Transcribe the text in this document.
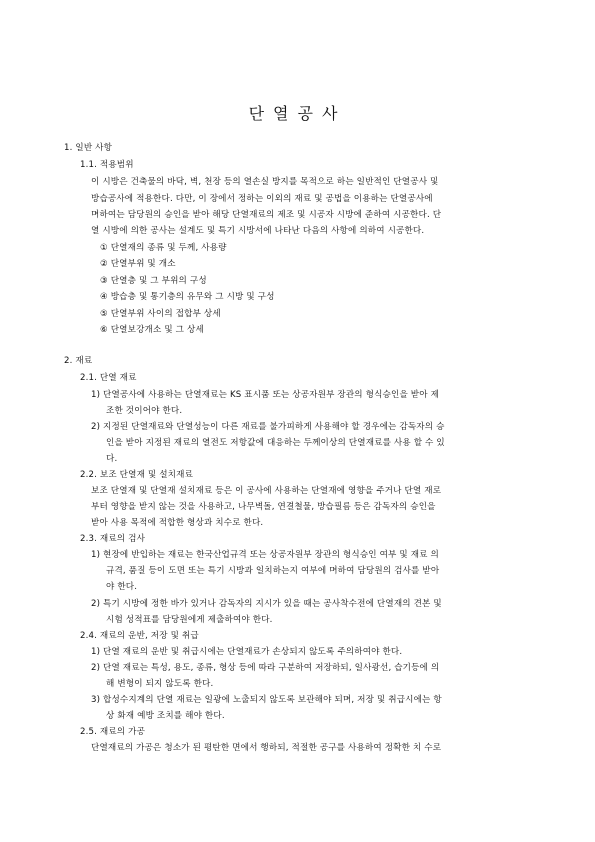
단열공사
1. 일반 사항
1.1. 적용범위
이 시방은 건축물의 바닥, 벽, 천장 등의 열손실 방지를 목적으로 하는 일반적인 단열공사 및
방습공사에 적용한다. 다만, 이 장에서 정하는 이외의 재료 및 공법을 이용하는 단열공사에
며하여는 담당원의 승인을 받아 해당 단열재료의 제조 및 시공자 시방에 준하여 시공한다. 단
열 시방에 의한 공사는 설계도 및 특기 시방서에 나타난 다음의 사항에 의하여 시공한다.
① 단열재의 종류 및 두께, 사용량
② 단열부위 및 개소
③ 단열층 및 그 부위의 구성
④ 방습층 및 통기층의 유무와 그 시방 및 구성
⑤ 단열부위 사이의 접합부 상세
⑥ 단열보강개소 및 그 상세
2. 재료
2.1. 단열 재료
1) 단열공사에 사용하는 단열재료는 KS 표시품 또는 상공자원부 장관의 형식승인을 받아 제
조한 것이어야 한다.
2) 지정된 단열재료와 단열성능이 다른 재료를 불가피하게 사용해야 할 경우에는 감독자의 승
인을 받아 지정된 재료의 열전도 저항값에 대응하는 두께이상의 단열재료를 사용 할 수 있
다.
2.2. 보조 단열재 및 설치재료
보조 단열재 및 단열재 설치재료 등은 이 공사에 사용하는 단열재에 영향을 주거나 단열 재로
부터 영향을 받지 않는 것을 사용하고, 나무벽돌, 연결철물, 방습필름 등은 감독자의 승인을
받아 사용 목적에 적합한 형상과 치수로 한다.
2.3. 재료의 검사
1) 현장에 반입하는 재료는 한국산업규격 또는 상공자원부 장관의 형식승인 여부 및 재료 의
규격, 품질 등이 도면 또는 특기 시방과 일치하는지 여부에 며하여 담당원의 검사를 받아
야 한다.
2) 특기 시방에 정한 바가 있거나 감독자의 지시가 있을 때는 공사착수전에 단열재의 견본 및
시험 성적표를 담당원에게 제출하여야 한다.
2.4. 재료의 운반, 저장 및 취급
1) 단열 재료의 운반 및 취급시에는 단열재료가 손상되지 않도록 주의하여야 한다.
2) 단열 재료는 특성, 용도, 종류, 형상 등에 따라 구분하여 저장하되, 일사광선, 습기등에 의
해 변형이 되지 않도록 한다.
3) 합성수지계의 단열 재료는 일광에 노출되지 않도록 보관해야 되며, 저장 및 취급시에는 항
상 화재 예방 조치를 해야 한다.
2.5. 재료의 가공
단열재료의 가공은 청소가 된 평탄한 면에서 행하되, 적절한 공구를 사용하여 정확한 치 수로
